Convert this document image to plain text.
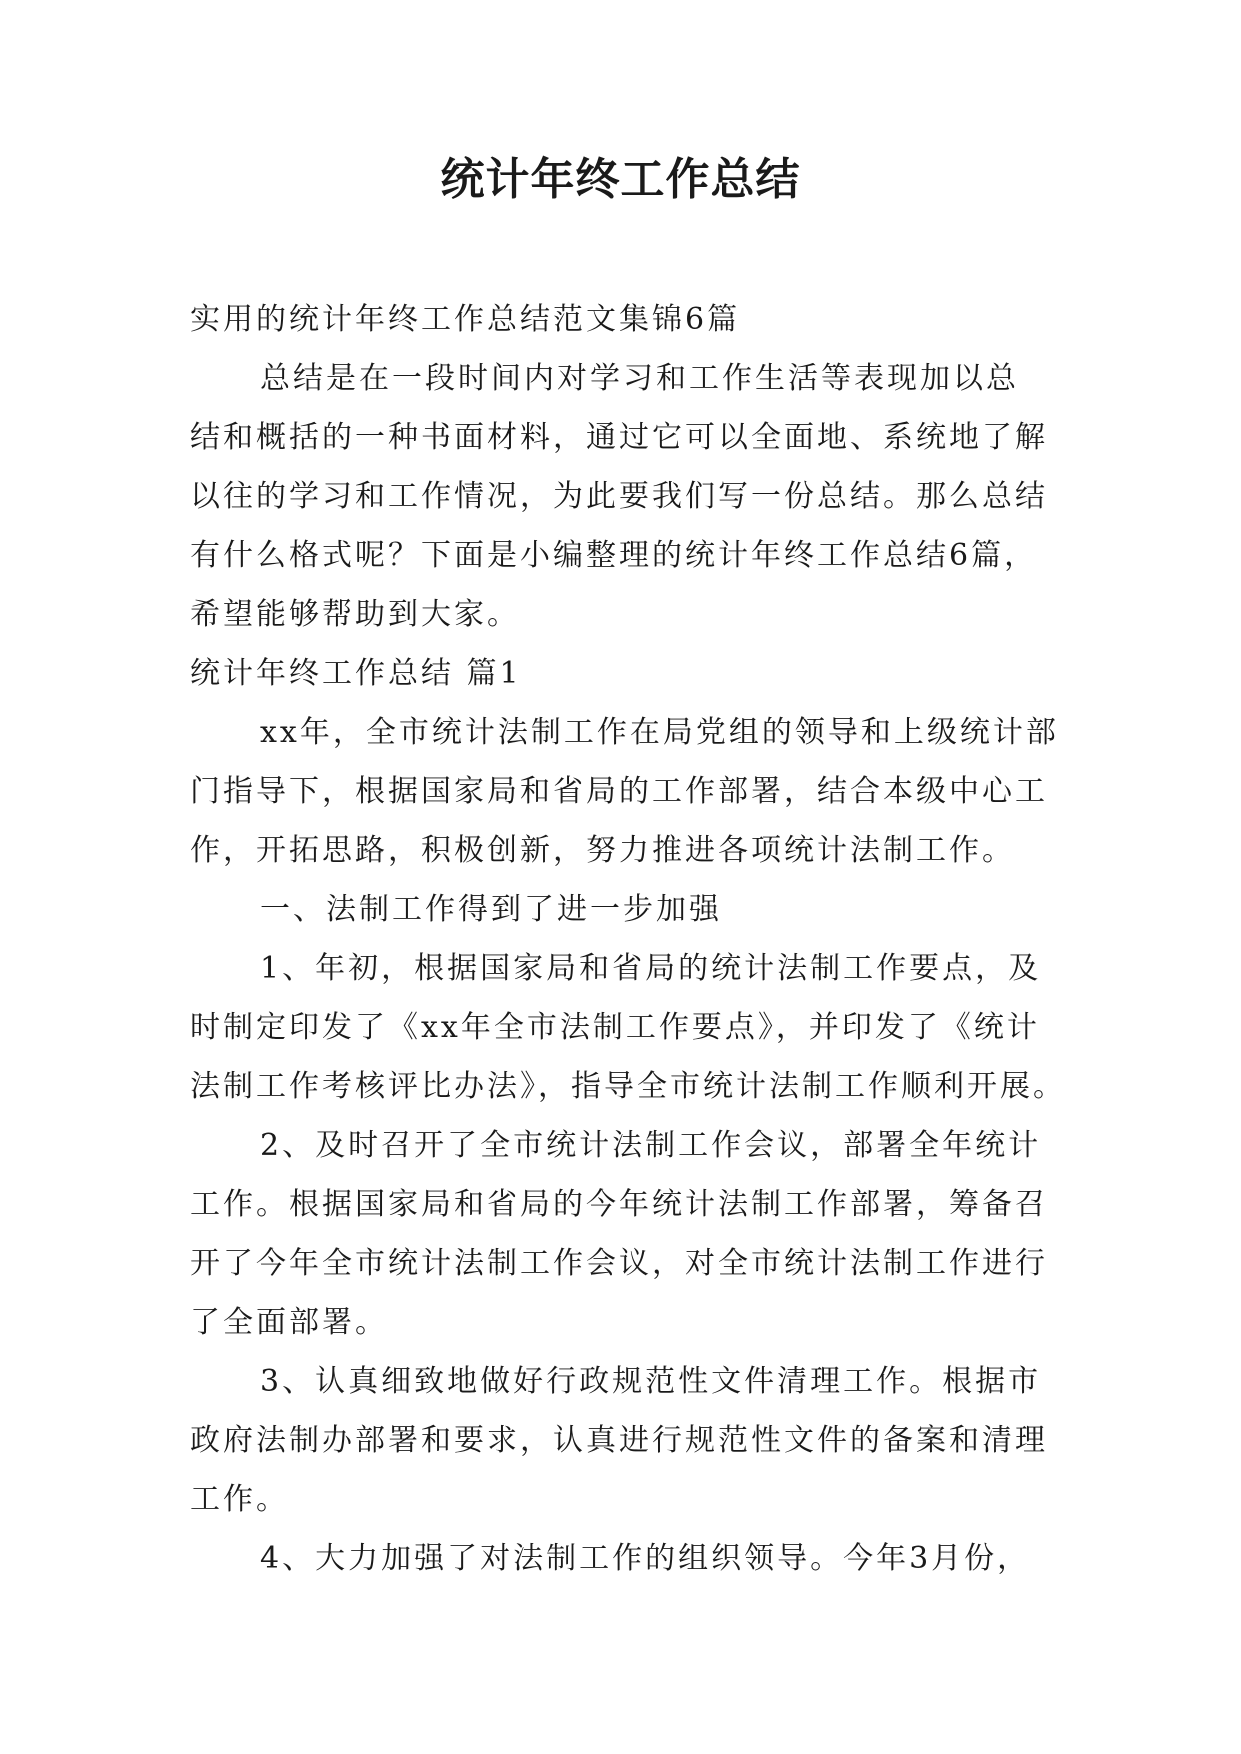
统计年终工作总结

实用的统计年终工作总结范文集锦6篇

总结是在一段时间内对学习和工作生活等表现加以总

结和概括的一种书面材料，通过它可以全面地、系统地了解

以往的学习和工作情况，为此要我们写一份总结。那么总结

有什么格式呢？下面是小编整理的统计年终工作总结6篇，

希望能够帮助到大家。

统计年终工作总结 篇1

xx年，全市统计法制工作在局党组的领导和上级统计部

门指导下，根据国家局和省局的工作部署，结合本级中心工

作，开拓思路，积极创新，努力推进各项统计法制工作。

一、法制工作得到了进一步加强

1、年初，根据国家局和省局的统计法制工作要点，及

时制定印发了《xx年全市法制工作要点》，并印发了《统计

法制工作考核评比办法》，指导全市统计法制工作顺利开展。

2、及时召开了全市统计法制工作会议，部署全年统计

工作。根据国家局和省局的今年统计法制工作部署，筹备召

开了今年全市统计法制工作会议，对全市统计法制工作进行

了全面部署。

3、认真细致地做好行政规范性文件清理工作。根据市

政府法制办部署和要求，认真进行规范性文件的备案和清理

工作。

4、大力加强了对法制工作的组织领导。今年3月份，
